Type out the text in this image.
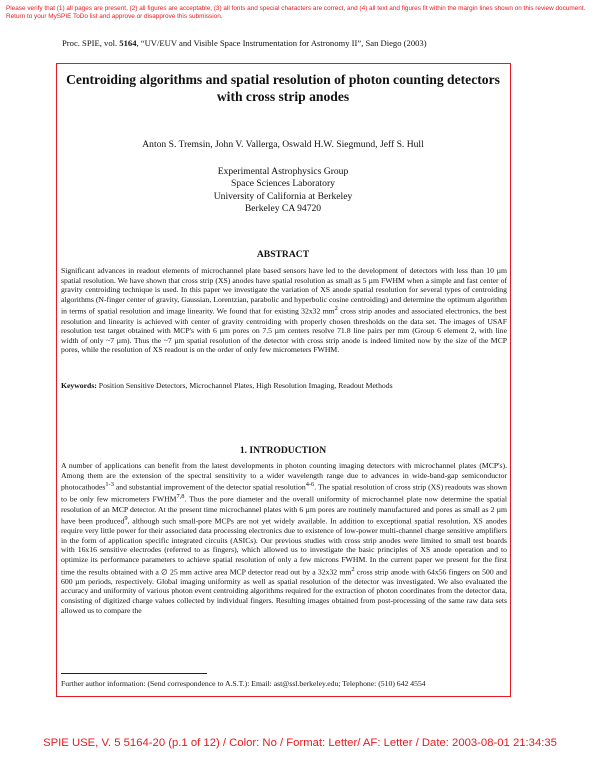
Please verify that (1) all pages are present, (2) all figures are acceptable, (3) all fonts and special characters are correct, and (4) all text and figures fit within the margin lines shown on this review document. Return to your MySPIE ToDo list and approve or disapprove this submission.
Proc. SPIE, vol. 5164, “UV/EUV and Visible Space Instrumentation for Astronomy II”, San Diego (2003)
Centroiding algorithms and spatial resolution of photon counting detectors with cross strip anodes
Anton S. Tremsin, John V. Vallerga, Oswald H.W. Siegmund, Jeff S. Hull
Experimental Astrophysics Group
Space Sciences Laboratory
University of California at Berkeley
Berkeley CA 94720
ABSTRACT
Significant advances in readout elements of microchannel plate based sensors have led to the development of detectors with less than 10 µm spatial resolution. We have shown that cross strip (XS) anodes have spatial resolution as small as 5 µm FWHM when a simple and fast center of gravity centroiding technique is used. In this paper we investigate the variation of XS anode spatial resolution for several types of centroiding algorithms (N-finger center of gravity, Gaussian, Lorentzian, parabolic and hyperbolic cosine centroiding) and determine the optimum algorithm in terms of spatial resolution and image linearity. We found that for existing 32x32 $mm^2$ cross strip anodes and associated electronics, the best resolution and linearity is achieved with center of gravity centroiding with properly chosen thresholds on the data set. The images of USAF resolution test target obtained with MCP's with 6 µm pores on 7.5 µm centers resolve 71.8 line pairs per mm (Group 6 element 2, with line width of only ~7 µm). Thus the ~7 µm spatial resolution of the detector with cross strip anode is indeed limited now by the size of the MCP pores, while the resolution of XS readout is on the order of only few micrometers FWHM.
Keywords: Position Sensitive Detectors, Microchannel Plates, High Resolution Imaging, Readout Methods
1. INTRODUCTION
A number of applications can benefit from the latest developments in photon counting imaging detectors with microchannel plates (MCP's). Among them are the extension of the spectral sensitivity to a wider wavelength range due to advances in wide-band-gap semiconductor photocathodes$^{1-3}$ and substantial improvement of the detector spatial resolution$^{4-6}$. The spatial resolution of cross strip (XS) readouts was shown to be only few micrometers FWHM$^{7,8}$. Thus the pore diameter and the overall uniformity of microchannel plate now determine the spatial resolution of an MCP detector. At the present time microchannel plates with 6 µm pores are routinely manufactured and pores as small as 2 µm have been produced$^9$, although such small-pore MCPs are not yet widely available. In addition to exceptional spatial resolution, XS anodes require very little power for their associated data processing electronics due to existence of low-power multi-channel charge sensitive amplifiers in the form of application specific integrated circuits (ASICs). Our previous studies with cross strip anodes were limited to small test boards with 16x16 sensitive electrodes (referred to as fingers), which allowed us to investigate the basic principles of XS anode operation and to optimize its performance parameters to achieve spatial resolution of only a few microns FWHM. In the current paper we present for the first time the results obtained with a ∅ 25 mm active area MCP detector read out by a 32x32 $mm^2$ cross strip anode with 64x56 fingers on 500 and 600 µm periods, respectively. Global imaging uniformity as well as spatial resolution of the detector was investigated. We also evaluated the accuracy and uniformity of various photon event centroiding algorithms required for the extraction of photon coordinates from the detector data, consisting of digitized charge values collected by individual fingers. Resulting images obtained from post-processing of the same raw data sets allowed us to compare the
Further author information: (Send correspondence to A.S.T.): Email: ast@ssl.berkeley.edu; Telephone: (510) 642 4554
SPIE USE, V. 5 5164-20 (p.1 of 12) / Color: No / Format: Letter/ AF: Letter / Date: 2003-08-01 21:34:35
